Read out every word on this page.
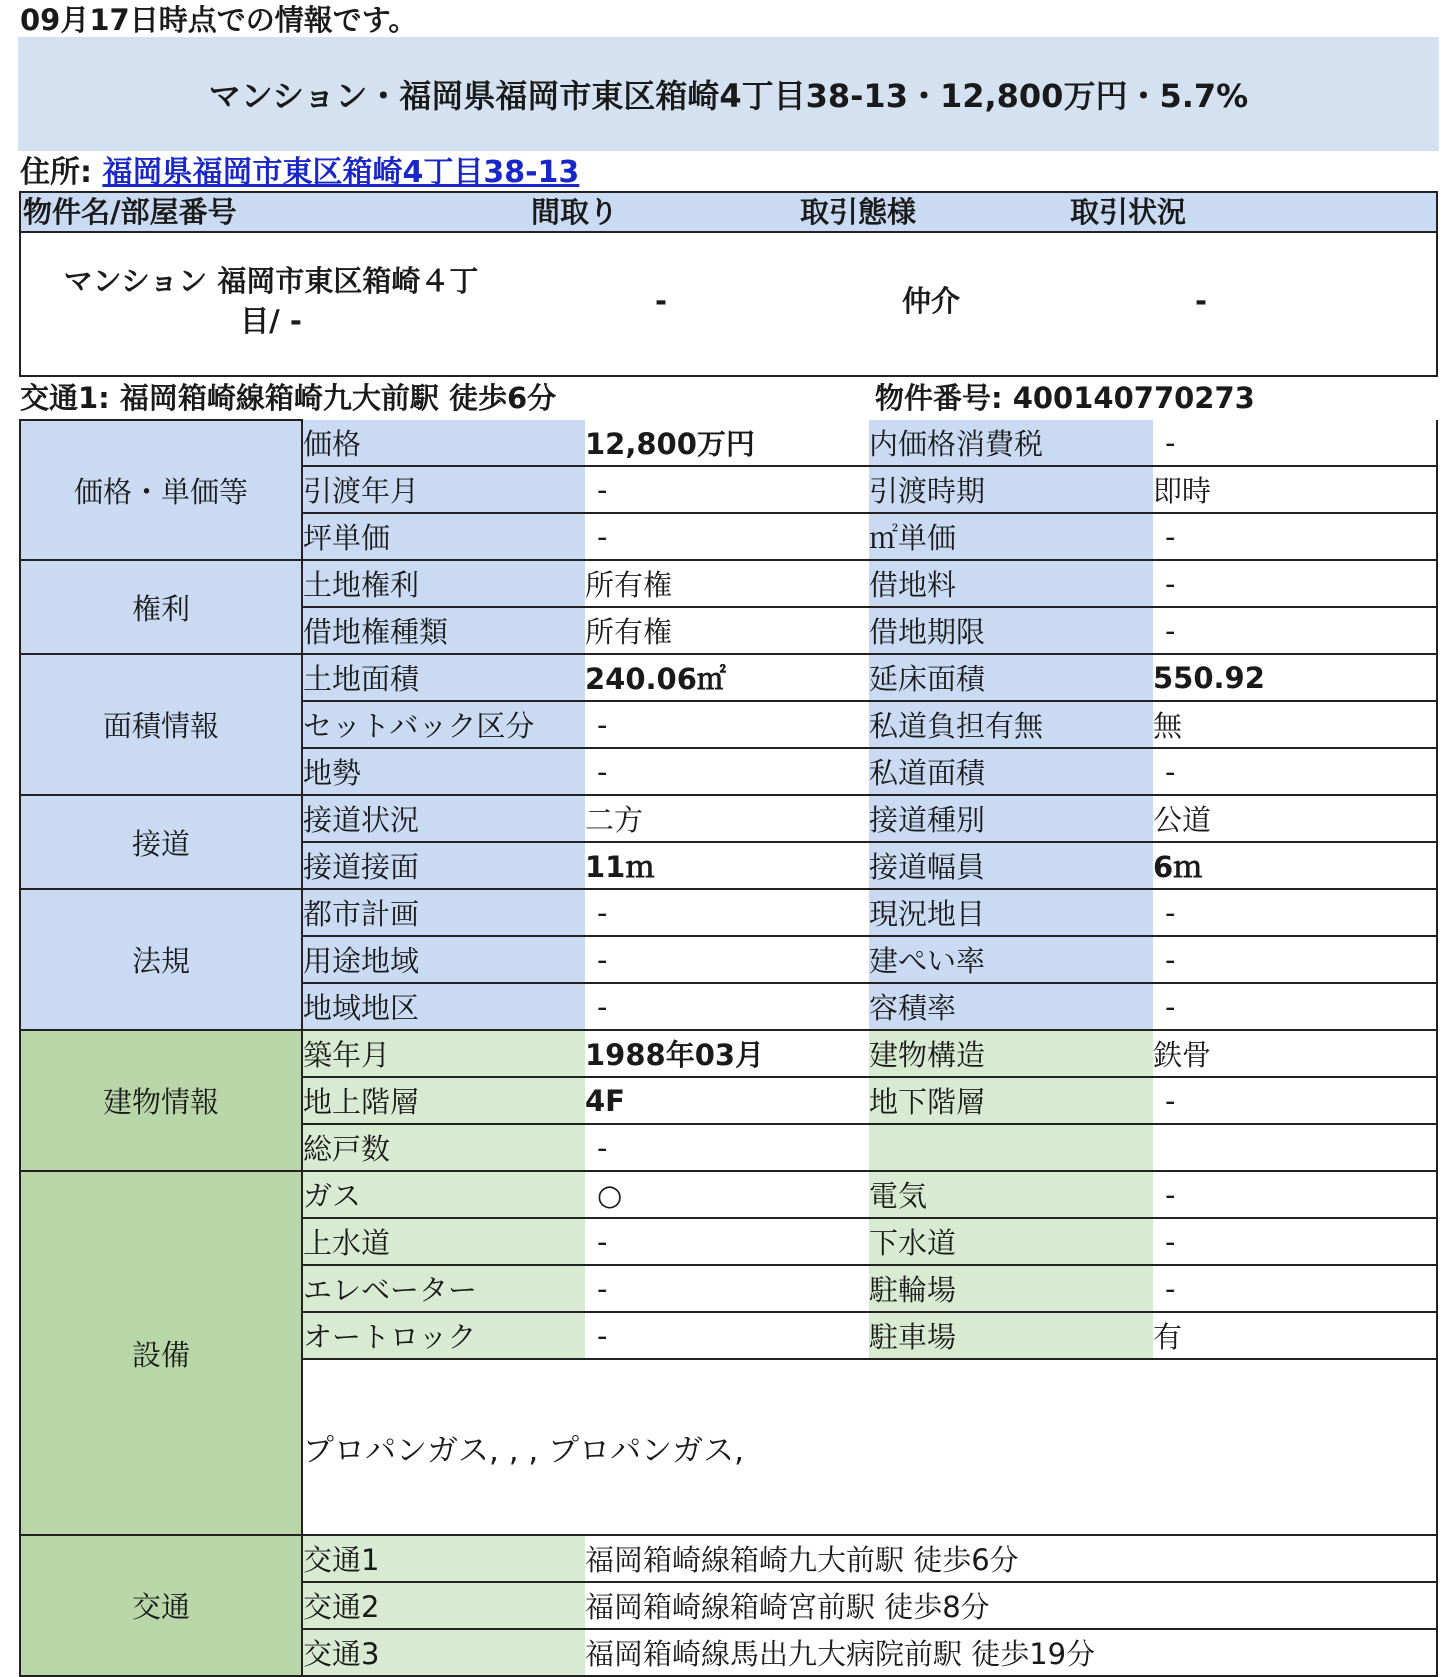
09月17日時点での情報です。
マンション・福岡県福岡市東区箱崎4丁目38-13・12,800万円・5.7%
住所: 福岡県福岡市東区箱崎4丁目38-13
物件名/部屋番号	間取り	取引態様	取引状況
マンション 福岡市東区箱崎４丁
目/ -
-	仲介	-
交通1: 福岡箱崎線箱崎九大前駅 徒歩6分	物件番号: 400140770273
価格・単価等	価格	12,800万円	内価格消費税	-
	引渡年月	-	引渡時期	即時
	坪単価	-	㎡単価	-
権利	土地権利	所有権	借地料	-
	借地権種類	所有権	借地期限	-
面積情報	土地面積	240.06㎡	延床面積	550.92
	セットバック区分	-	私道負担有無	無
	地勢	-	私道面積	-
接道	接道状況	二方	接道種別	公道
	接道接面	11ｍ	接道幅員	6ｍ
法規	都市計画	-	現況地目	-
	用途地域	-	建ぺい率	-
	地域地区	-	容積率	-
建物情報	築年月	1988年03月	建物構造	鉄骨
	地上階層	4F	地下階層	-
	総戸数	-		
設備	ガス	○	電気	-
	上水道	-	下水道	-
	エレベーター	-	駐輪場	-
	オートロック	-	駐車場	有
	プロパンガス, , , プロパンガス,			
交通	交通1	福岡箱崎線箱崎九大前駅 徒歩6分		
	交通2	福岡箱崎線箱崎宮前駅 徒歩8分		
	交通3	福岡箱崎線馬出九大病院前駅 徒歩19分		
